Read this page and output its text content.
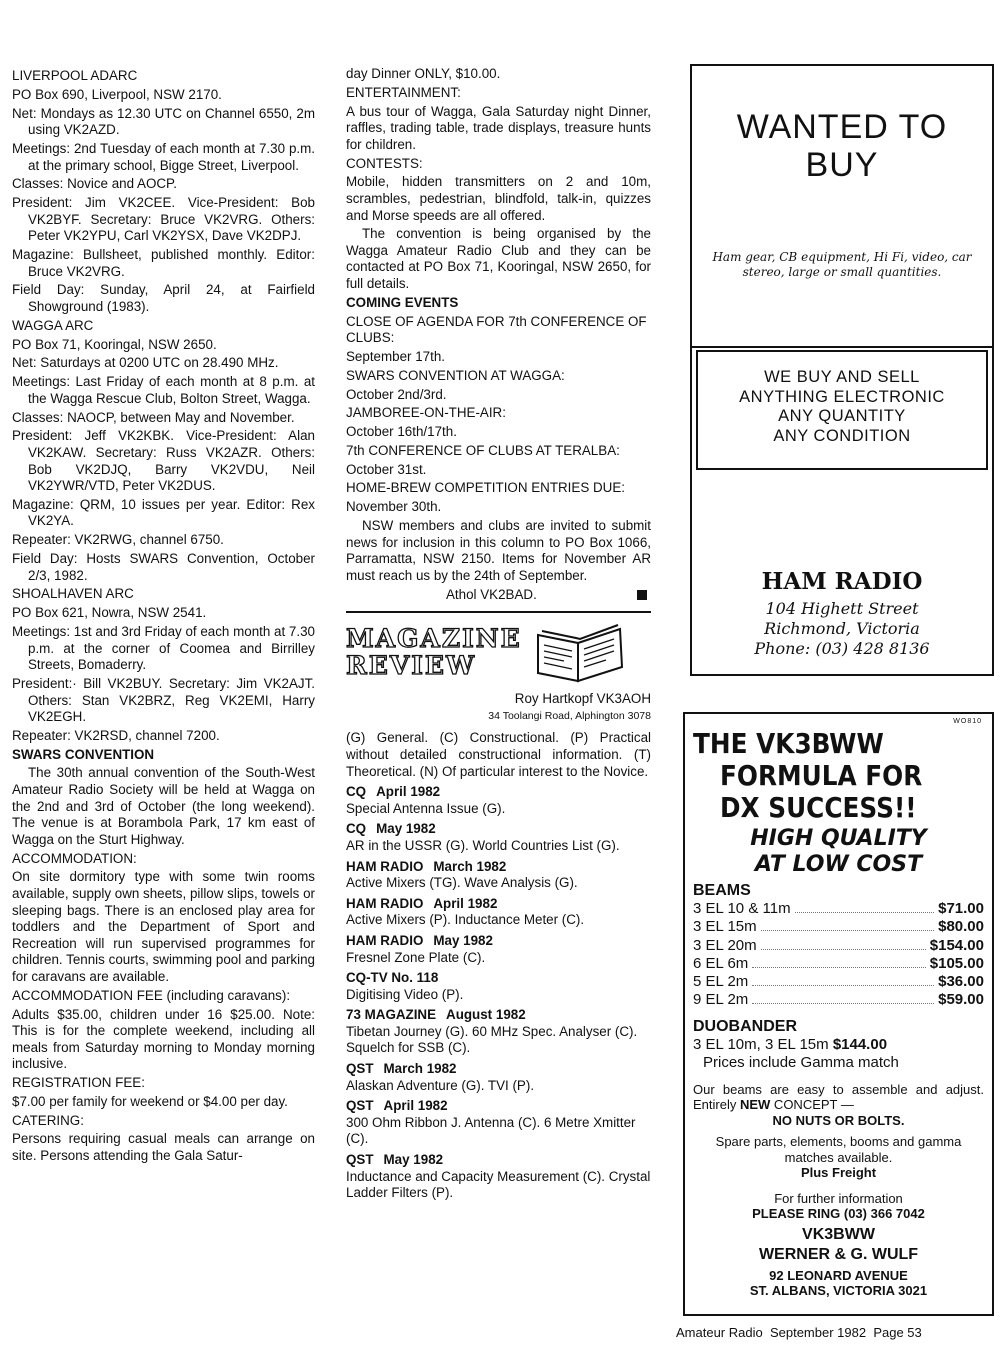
LIVERPOOL ADARC

PO Box 690, Liverpool, NSW 2170.

Net: Mondays as 12.30 UTC on Channel 6550, 2m using VK2AZD.

Meetings: 2nd Tuesday of each month at 7.30 p.m. at the primary school, Bigge Street, Liverpool.

Classes: Novice and AOCP.

President: Jim VK2CEE. Vice-President: Bob VK2BYF. Secretary: Bruce VK2VRG. Others: Peter VK2YPU, Carl VK2YSX, Dave VK2DPJ.

Magazine: Bullsheet, published monthly. Editor: Bruce VK2VRG.

Field Day: Sunday, April 24, at Fairfield Showground (1983).

WAGGA ARC

PO Box 71, Kooringal, NSW 2650.

Net: Saturdays at 0200 UTC on 28.490 MHz.

Meetings: Last Friday of each month at 8 p.m. at the Wagga Rescue Club, Bolton Street, Wagga.

Classes: NAOCP, between May and November.

President: Jeff VK2KBK. Vice-President: Alan VK2KAW. Secretary: Russ VK2AZR. Others: Bob VK2DJQ, Barry VK2VDU, Neil VK2YWR/VTD, Peter VK2DUS.

Magazine: QRM, 10 issues per year. Editor: Rex VK2YA.

Repeater: VK2RWG, channel 6750.

Field Day: Hosts SWARS Convention, October 2/3, 1982.

SHOALHAVEN ARC

PO Box 621, Nowra, NSW 2541.

Meetings: 1st and 3rd Friday of each month at 7.30 p.m. at the corner of Coomea and Birrilley Streets, Bomaderry.

President:· Bill VK2BUY. Secretary: Jim VK2AJT. Others: Stan VK2BRZ, Reg VK2EMI, Harry VK2EGH.

Repeater: VK2RSD, channel 7200.

SWARS CONVENTION

The 30th annual convention of the South-West Amateur Radio Society will be held at Wagga on the 2nd and 3rd of October (the long weekend). The venue is at Borambola Park, 17 km east of Wagga on the Sturt Highway.

ACCOMMODATION:

On site dormitory type with some twin rooms available, supply own sheets, pillow slips, towels or sleeping bags. There is an enclosed play area for toddlers and the Department of Sport and Recreation will run supervised programmes for children. Tennis courts, swimming pool and parking for caravans are available.

ACCOMMODATION FEE (including caravans):

Adults $35.00, children under 16 $25.00. Note: This is for the complete weekend, including all meals from Saturday morning to Monday morning inclusive.

REGISTRATION FEE:

$7.00 per family for weekend or $4.00 per day.

CATERING:

Persons requiring casual meals can arrange on site. Persons attending the Gala Satur-

day Dinner ONLY, $10.00.

ENTERTAINMENT:

A bus tour of Wagga, Gala Saturday night Dinner, raffles, trading table, trade displays, treasure hunts for children.

CONTESTS:

Mobile, hidden transmitters on 2 and 10m, scrambles, pedestrian, blindfold, talk-in, quizzes and Morse speeds are all offered.

The convention is being organised by the Wagga Amateur Radio Club and they can be contacted at PO Box 71, Kooringal, NSW 2650, for full details.

COMING EVENTS

CLOSE OF AGENDA FOR 7th CONFERENCE OF CLUBS:

September 17th.

SWARS CONVENTION AT WAGGA:

October 2nd/3rd.

JAMBOREE-ON-THE-AIR:

October 16th/17th.

7th CONFERENCE OF CLUBS AT TERALBA:

October 31st.

HOME-BREW COMPETITION ENTRIES DUE:

November 30th.

NSW members and clubs are invited to submit news for inclusion in this column to PO Box 1066, Parramatta, NSW 2150. Items for November AR must reach us by the 24th of September.

Athol VK2BAD.
MAGAZINE
REVIEW
Roy Hartkopf VK3AOH
34 Toolangi Road, Alphington 3078

(G) General. (C) Constructional. (P) Practical without detailed constructional information. (T) Theoretical. (N) Of particular interest to the Novice.

CQ April 1982

Special Antenna Issue (G).

CQ May 1982

AR in the USSR (G). World Countries List (G).

HAM RADIO March 1982

Active Mixers (TG). Wave Analysis (G).

HAM RADIO April 1982

Active Mixers (P). Inductance Meter (C).

HAM RADIO May 1982

Fresnel Zone Plate (C).

CQ-TV No. 118

Digitising Video (P).

73 MAGAZINE August 1982

Tibetan Journey (G). 60 MHz Spec. Analyser (C). Squelch for SSB (C).

QST March 1982

Alaskan Adventure (G). TVI (P).

QST April 1982

300 Ohm Ribbon J. Antenna (C). 6 Metre Xmitter (C).

QST May 1982

Inductance and Capacity Measurement (C). Crystal Ladder Filters (P).

WANTED TO
BUY
Ham gear, CB equipment, Hi Fi, video, car stereo, large or small quantities.
WE BUY AND SELL
ANYTHING ELECTRONIC
ANY QUANTITY
ANY CONDITION
HAM RADIO
104 Highett Street
Richmond, Victoria
Phone: (03) 428 8136
WO810
THE VK3BWW
FORMULA FOR
DX SUCCESS!!
HIGH QUALITY
AT LOW COST
BEAMS
3 EL 10 & 11m	$71.00
3 EL 15m	$80.00
3 EL 20m	$154.00
6 EL 6m	$105.00
5 EL 2m	$36.00
9 EL 2m	$59.00
DUOBANDER
3 EL 10m, 3 EL 15m $144.00
Prices include Gamma match
Our beams are easy to assemble and adjust. Entirely NEW CONCEPT —
NO NUTS OR BOLTS.
Spare parts, elements, booms and gamma matches available.
Plus Freight
For further information
PLEASE RING (03) 366 7042
VK3BWW
WERNER & G. WULF
92 LEONARD AVENUE
ST. ALBANS, VICTORIA 3021
Amateur Radio September 1982 Page 53
